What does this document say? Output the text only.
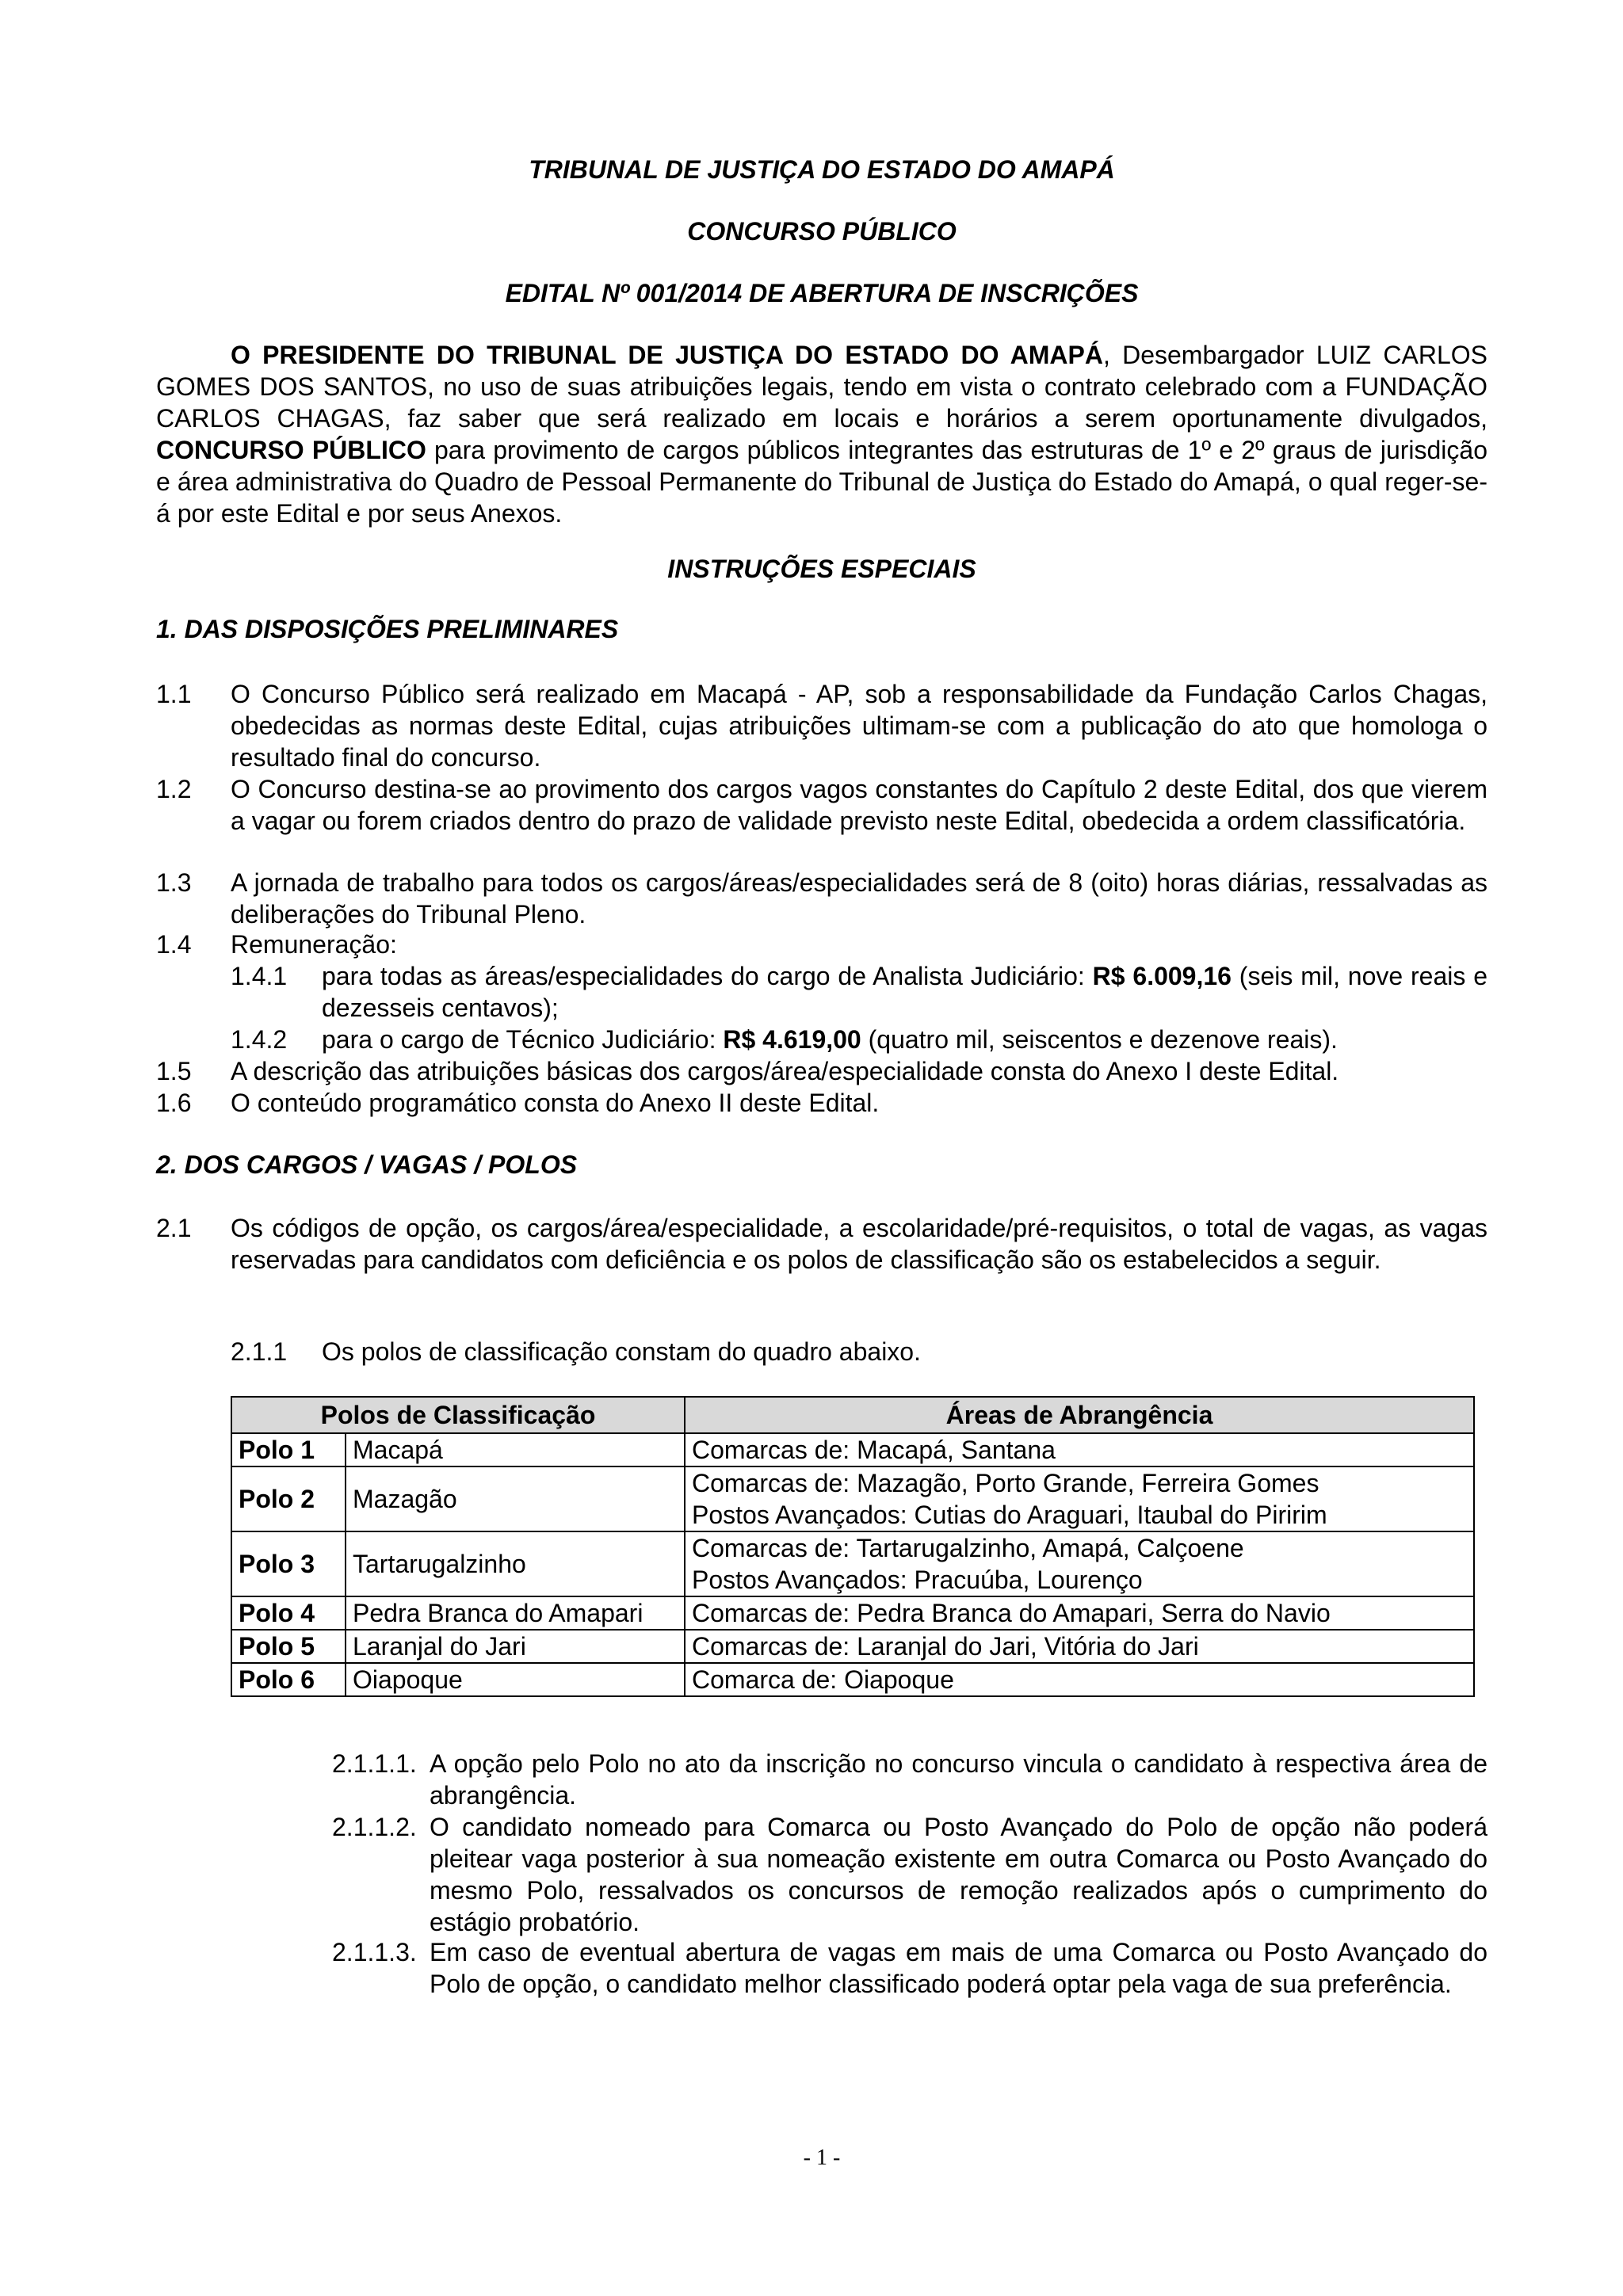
TRIBUNAL DE JUSTIÇA DO ESTADO DO AMAPÁ
CONCURSO PÚBLICO
EDITAL Nº 001/2014 DE ABERTURA DE INSCRIÇÕES
O PRESIDENTE DO TRIBUNAL DE JUSTIÇA DO ESTADO DO AMAPÁ, Desembargador LUIZ CARLOS GOMES DOS SANTOS, no uso de suas atribuições legais, tendo em vista o contrato celebrado com a FUNDAÇÃO CARLOS CHAGAS, faz saber que será realizado em locais e horários a serem oportunamente divulgados, CONCURSO PÚBLICO para provimento de cargos públicos integrantes das estruturas de 1º e 2º graus de jurisdição e área administrativa do Quadro de Pessoal Permanente do Tribunal de Justiça do Estado do Amapá, o qual reger-se-á por este Edital e por seus Anexos.
INSTRUÇÕES ESPECIAIS
1. DAS DISPOSIÇÕES PRELIMINARES
1.1 O Concurso Público será realizado em Macapá - AP, sob a responsabilidade da Fundação Carlos Chagas, obedecidas as normas deste Edital, cujas atribuições ultimam-se com a publicação do ato que homologa o resultado final do concurso.
1.2 O Concurso destina-se ao provimento dos cargos vagos constantes do Capítulo 2 deste Edital, dos que vierem a vagar ou forem criados dentro do prazo de validade previsto neste Edital, obedecida a ordem classificatória.
1.3 A jornada de trabalho para todos os cargos/áreas/especialidades será de 8 (oito) horas diárias, ressalvadas as deliberações do Tribunal Pleno.
1.4 Remuneração:
1.4.1 para todas as áreas/especialidades do cargo de Analista Judiciário: R$ 6.009,16 (seis mil, nove reais e dezesseis centavos);
1.4.2 para o cargo de Técnico Judiciário: R$ 4.619,00 (quatro mil, seiscentos e dezenove reais).
1.5 A descrição das atribuições básicas dos cargos/área/especialidade consta do Anexo I deste Edital.
1.6 O conteúdo programático consta do Anexo II deste Edital.
2. DOS CARGOS / VAGAS / POLOS
2.1 Os códigos de opção, os cargos/área/especialidade, a escolaridade/pré-requisitos, o total de vagas, as vagas reservadas para candidatos com deficiência e os polos de classificação são os estabelecidos a seguir.
2.1.1 Os polos de classificação constam do quadro abaixo.
Polos de Classificação		Áreas de Abrangência
Polo 1	Macapá	Comarcas de: Macapá, Santana

Polo 2	Mazagão	Comarcas de: Mazagão, Porto Grande, Ferreira Gomes
Postos Avançados: Cutias do Araguari, Itaubal do Piririm

Polo 3	Tartarugalzinho	Comarcas de: Tartarugalzinho, Amapá, Calçoene
Postos Avançados: Pracuúba, Lourenço

Polo 4	Pedra Branca do Amapari	Comarcas de: Pedra Branca do Amapari, Serra do Navio

Polo 5	Laranjal do Jari	Comarcas de: Laranjal do Jari, Vitória do Jari

Polo 6	Oiapoque	Comarca de: Oiapoque
2.1.1.1. A opção pelo Polo no ato da inscrição no concurso vincula o candidato à respectiva área de abrangência.
2.1.1.2. O candidato nomeado para Comarca ou Posto Avançado do Polo de opção não poderá pleitear vaga posterior à sua nomeação existente em outra Comarca ou Posto Avançado do mesmo Polo, ressalvados os concursos de remoção realizados após o cumprimento do estágio probatório.
2.1.1.3. Em caso de eventual abertura de vagas em mais de uma Comarca ou Posto Avançado do Polo de opção, o candidato melhor classificado poderá optar pela vaga de sua preferência.
- 1 -
